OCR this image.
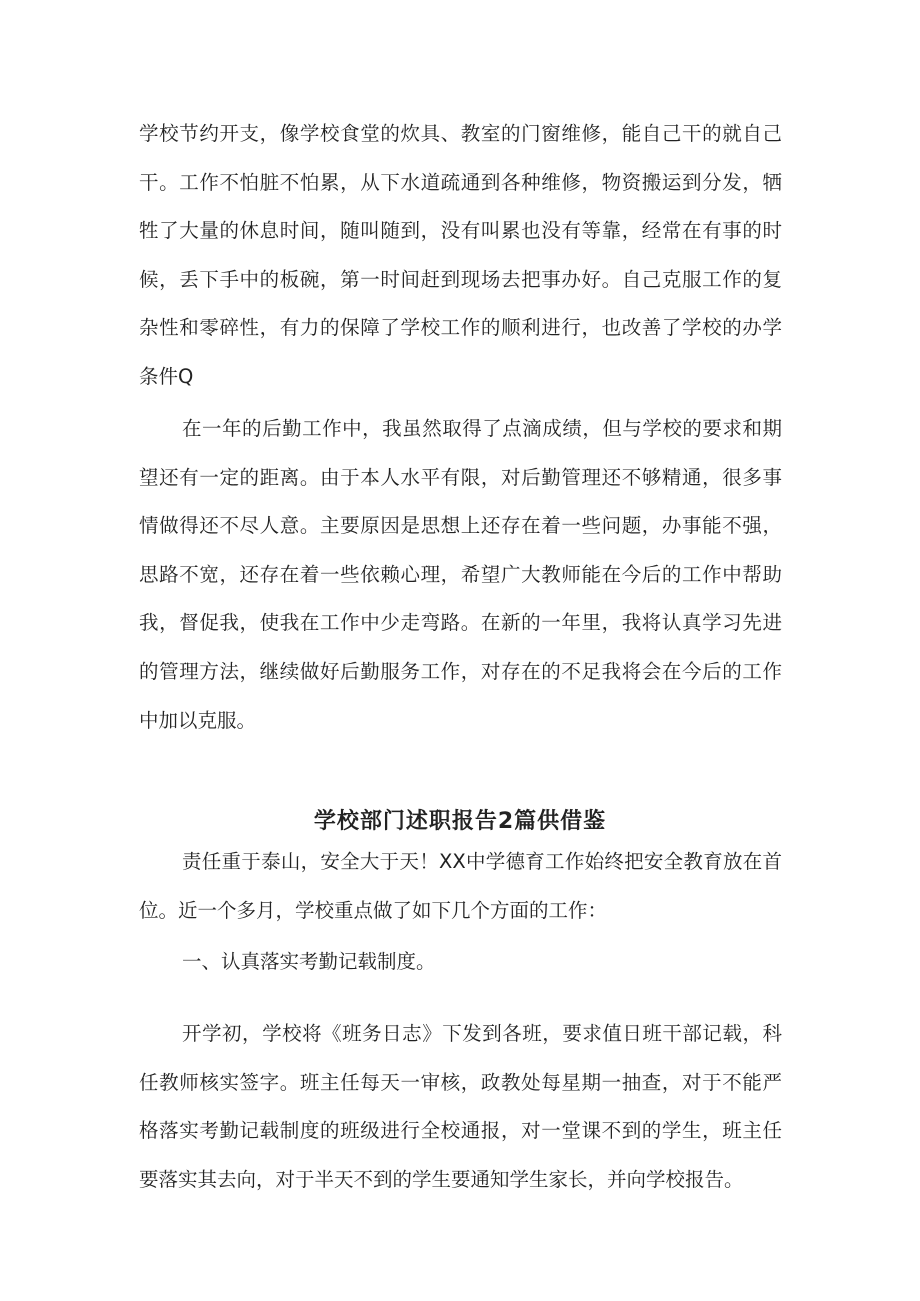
学校节约开支，像学校食堂的炊具、教室的门窗维修，能自己干的就自己干。工作不怕脏不怕累，从下水道疏通到各种维修，物资搬运到分发，牺牲了大量的休息时间，随叫随到，没有叫累也没有等靠，经常在有事的时候，丢下手中的板碗，第一时间赶到现场去把事办好。自己克服工作的复杂性和零碎性，有力的保障了学校工作的顺利进行，也改善了学校的办学条件Q

在一年的后勤工作中，我虽然取得了点滴成绩，但与学校的要求和期望还有一定的距离。由于本人水平有限，对后勤管理还不够精通，很多事情做得还不尽人意。主要原因是思想上还存在着一些问题，办事能不强，思路不宽，还存在着一些依赖心理，希望广大教师能在今后的工作中帮助我，督促我，使我在工作中少走弯路。在新的一年里，我将认真学习先进的管理方法，继续做好后勤服务工作，对存在的不足我将会在今后的工作中加以克服。

学校部门述职报告2篇供借鉴

责任重于泰山，安全大于天！XX中学德育工作始终把安全教育放在首位。近一个多月，学校重点做了如下几个方面的工作：

一、认真落实考勤记载制度。

开学初，学校将《班务日志》下发到各班，要求值日班干部记载，科任教师核实签字。班主任每天一审核，政教处每星期一抽查，对于不能严格落实考勤记载制度的班级进行全校通报，对一堂课不到的学生，班主任要落实其去向，对于半天不到的学生要通知学生家长，并向学校报告。
